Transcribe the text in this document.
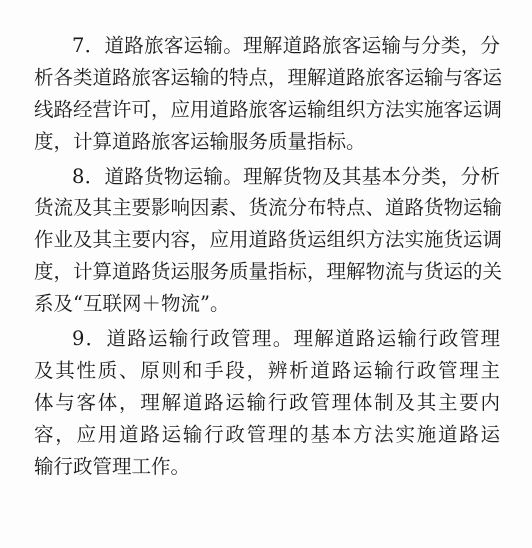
7．道路旅客运输。理解道路旅客运输与分类，分
析各类道路旅客运输的特点，理解道路旅客运输与客运
线路经营许可，应用道路旅客运输组织方法实施客运调
度，计算道路旅客运输服务质量指标。
8．道路货物运输。理解货物及其基本分类，分析
货流及其主要影响因素、货流分布特点、道路货物运输
作业及其主要内容，应用道路货运组织方法实施货运调
度，计算道路货运服务质量指标，理解物流与货运的关
系及“互联网＋物流”。
9．道路运输行政管理。理解道路运输行政管理
及其性质、原则和手段，辨析道路运输行政管理主
体与客体，理解道路运输行政管理体制及其主要内
容，应用道路运输行政管理的基本方法实施道路运
输行政管理工作。
